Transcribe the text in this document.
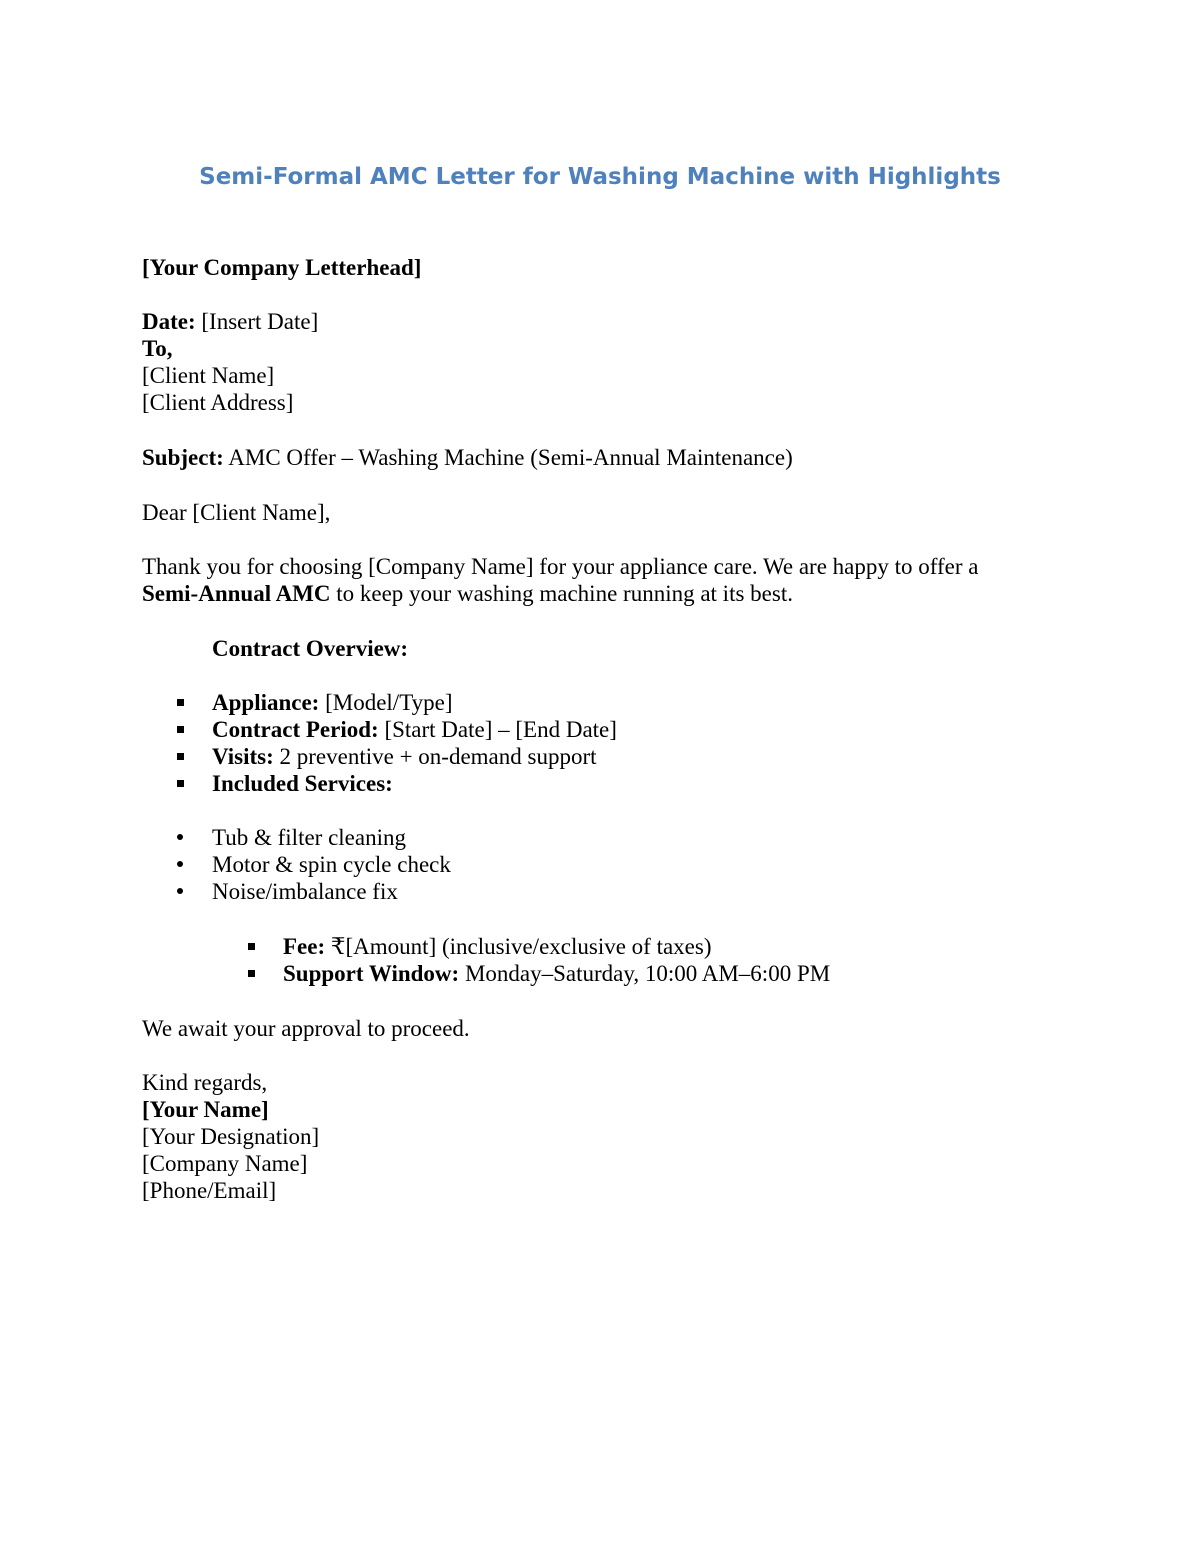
Semi-Formal AMC Letter for Washing Machine with Highlights
[Your Company Letterhead]
Date: [Insert Date]
To,
[Client Name]
[Client Address]
Subject: AMC Offer – Washing Machine (Semi-Annual Maintenance)
Dear [Client Name],
Thank you for choosing [Company Name] for your appliance care. We are happy to offer a
Semi-Annual AMC to keep your washing machine running at its best.
Contract Overview:
Appliance: [Model/Type]
Contract Period: [Start Date] – [End Date]
Visits: 2 preventive + on-demand support
Included Services:
Tub & filter cleaning
Motor & spin cycle check
Noise/imbalance fix
Fee: ₹[Amount] (inclusive/exclusive of taxes)
Support Window: Monday–Saturday, 10:00 AM–6:00 PM
We await your approval to proceed.
Kind regards,
[Your Name]
[Your Designation]
[Company Name]
[Phone/Email]
